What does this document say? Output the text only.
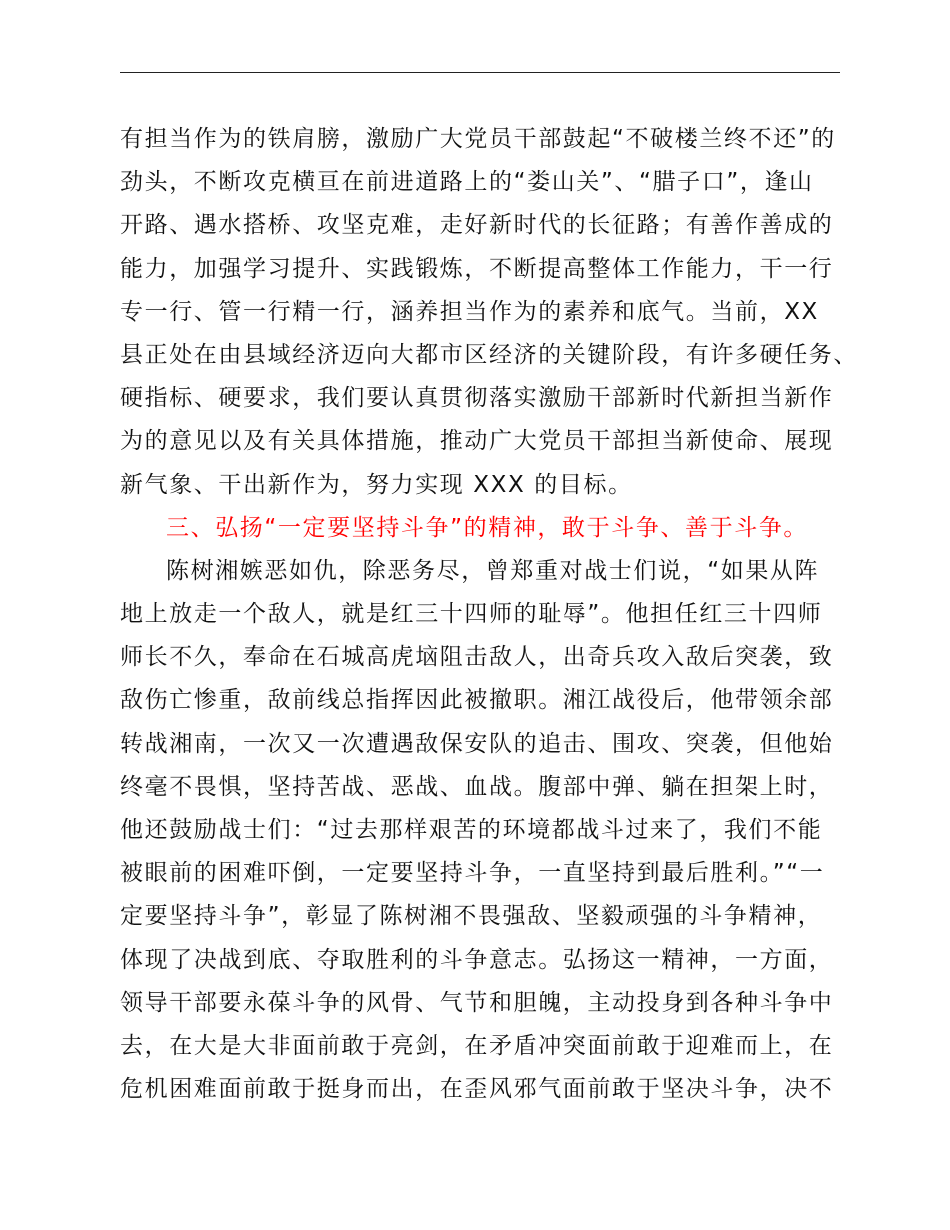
有担当作为的铁肩膀，激励广大党员干部鼓起“不破楼兰终不还”的
劲头，不断攻克横亘在前进道路上的“娄山关”、“腊子口”，逢山
开路、遇水搭桥、攻坚克难，走好新时代的长征路；有善作善成的
能力，加强学习提升、实践锻炼，不断提高整体工作能力，干一行
专一行、管一行精一行，涵养担当作为的素养和底气。当前，XX
县正处在由县域经济迈向大都市区经济的关键阶段，有许多硬任务、
硬指标、硬要求，我们要认真贯彻落实激励干部新时代新担当新作
为的意见以及有关具体措施，推动广大党员干部担当新使命、展现
新气象、干出新作为，努力实现 XXX 的目标。
三、弘扬“一定要坚持斗争”的精神，敢于斗争、善于斗争。
陈树湘嫉恶如仇，除恶务尽，曾郑重对战士们说，“如果从阵
地上放走一个敌人，就是红三十四师的耻辱”。他担任红三十四师
师长不久，奉命在石城高虎垴阻击敌人，出奇兵攻入敌后突袭，致
敌伤亡惨重，敌前线总指挥因此被撤职。湘江战役后，他带领余部
转战湘南，一次又一次遭遇敌保安队的追击、围攻、突袭，但他始
终毫不畏惧，坚持苦战、恶战、血战。腹部中弹、躺在担架上时，
他还鼓励战士们：“过去那样艰苦的环境都战斗过来了，我们不能
被眼前的困难吓倒，一定要坚持斗争，一直坚持到最后胜利。”“一
定要坚持斗争”，彰显了陈树湘不畏强敌、坚毅顽强的斗争精神，
体现了决战到底、夺取胜利的斗争意志。弘扬这一精神，一方面，
领导干部要永葆斗争的风骨、气节和胆魄，主动投身到各种斗争中
去，在大是大非面前敢于亮剑，在矛盾冲突面前敢于迎难而上，在
危机困难面前敢于挺身而出，在歪风邪气面前敢于坚决斗争，决不
